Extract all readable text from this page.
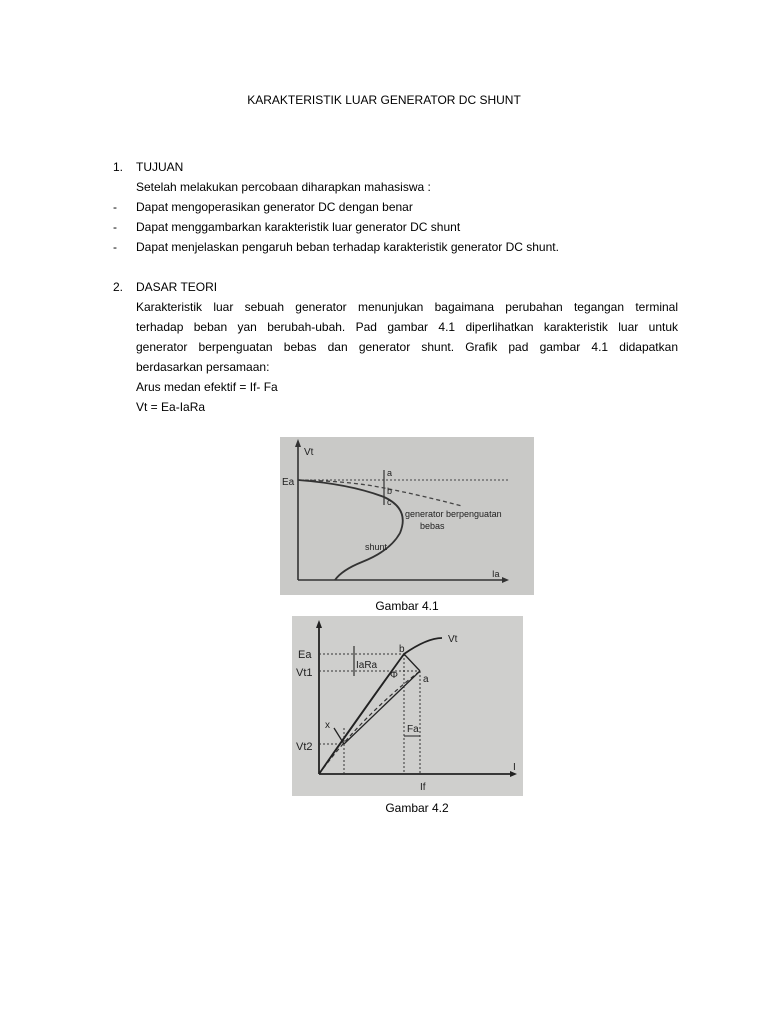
KARAKTERISTIK LUAR GENERATOR DC SHUNT
1.	TUJUAN
Setelah melakukan percobaan diharapkan mahasiswa :
-	Dapat mengoperasikan generator DC dengan benar
-	Dapat menggambarkan karakteristik luar generator DC shunt
-	Dapat menjelaskan pengaruh beban terhadap karakteristik generator DC shunt.
2.	DASAR TEORI
Karakteristik luar sebuah generator menunjukan bagaimana perubahan tegangan terminal
terhadap beban yan berubah-ubah. Pad gambar 4.1 diperlihatkan karakteristik luar untuk
generator berpenguatan bebas dan generator shunt. Grafik pad gambar 4.1 didapatkan
berdasarkan persamaan:
Arus medan efektif = If- Fa
Vt = Ea-IaRa
Vt
Ea
a
b
c
generator berpenguatan
bebas
shunt
Ia
Gambar 4.1
Ea
Vt1
Vt2
IaRa
b
a
x
Φ
Fa
Vt
If
I
Gambar 4.2
